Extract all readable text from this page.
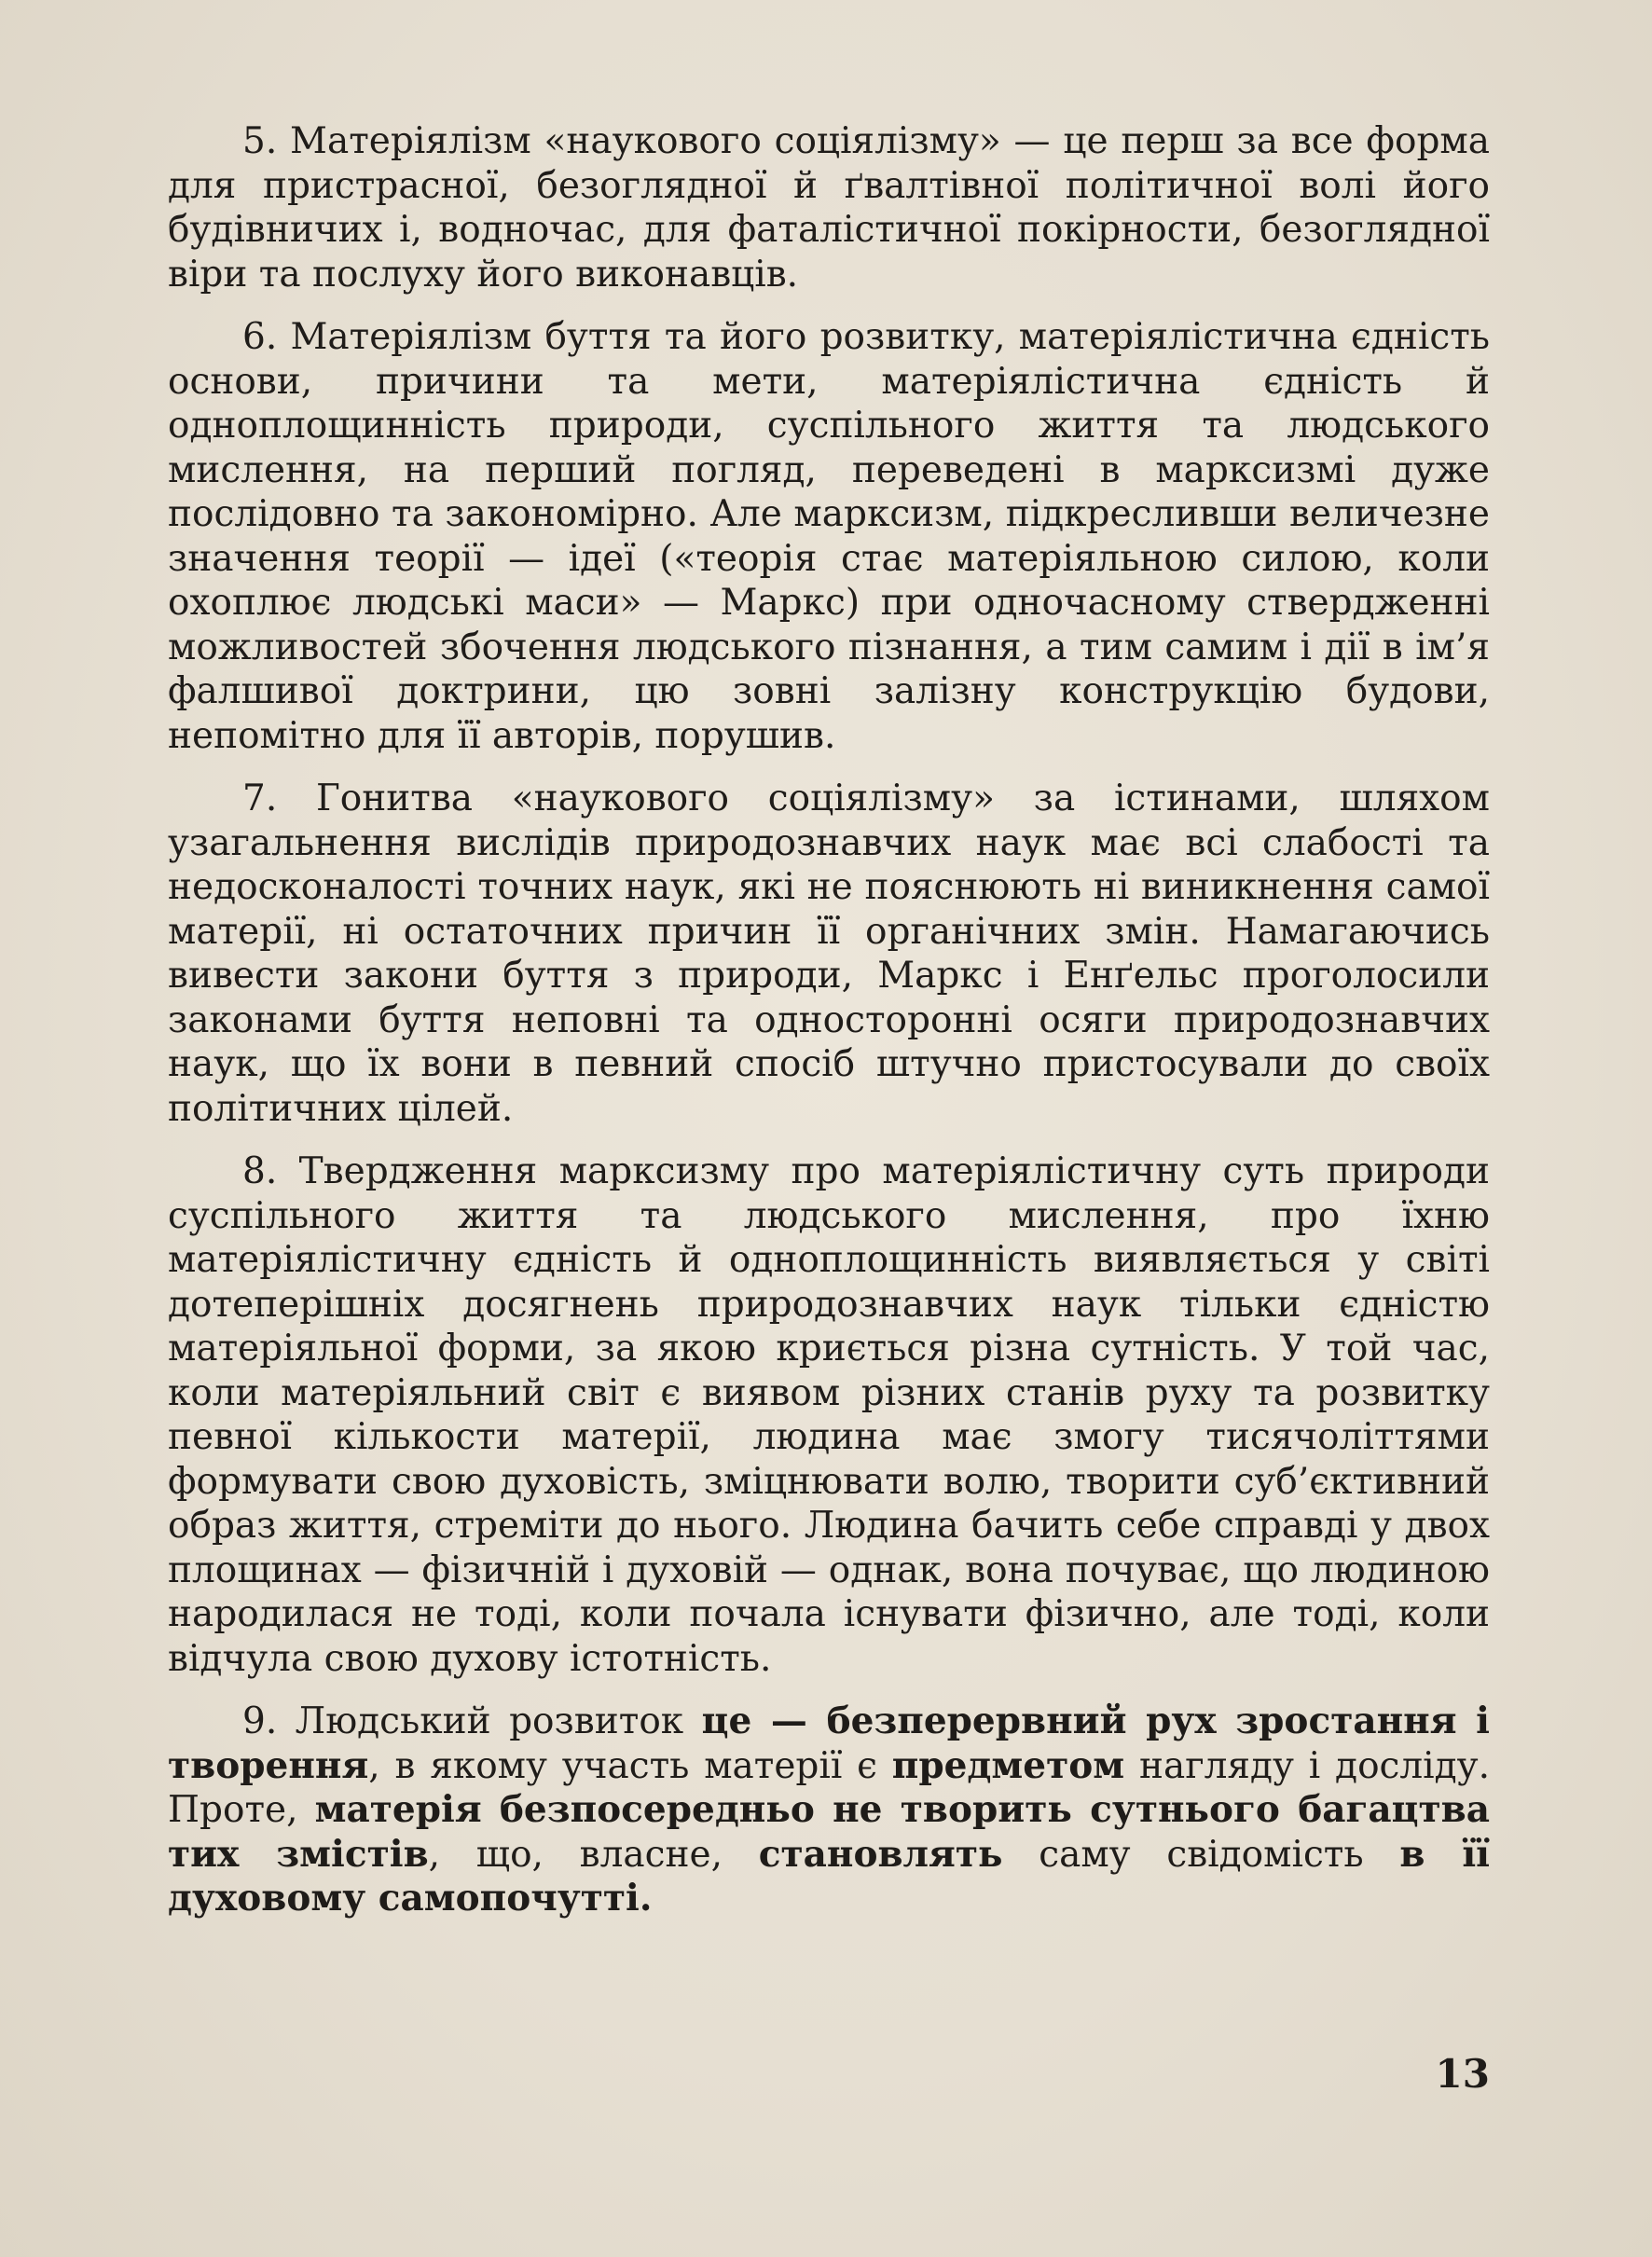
5. Матеріялізм «наукового соціялізму» — це перш за все форма для пристрасної, безоглядної й ґвалтівної політичної волі його будівничих і, водночас, для фаталістичної покірности, безоглядної віри та послуху його виконавців.

6. Матеріялізм буття та його розвитку, матеріялістична єдність основи, причини та мети, матеріялістична єдність й одноплощинність природи, суспільного життя та людського мислення, на перший погляд, переведені в марксизмі дуже послідовно та закономірно. Але марксизм, підкресливши величезне значення теорії — ідеї («теорія стає матеріяльною силою, коли охоплює людські маси» — Маркс) при одночасному ствердженні можливостей збочення людського пізнання, а тим самим і дії в ім’я фалшивої доктрини, цю зовні залізну конструкцію будови, непомітно для її авторів, порушив.

7. Гонитва «наукового соціялізму» за істинами, шляхом узагальнення вислідів природознавчих наук має всі слабості та недосконалості точних наук, які не пояснюють ні виникнення самої матерії, ні остаточних причин її органічних змін. Намагаючись вивести закони буття з природи, Маркс і Енґельс проголосили законами буття неповні та односторонні осяги природознавчих наук, що їх вони в певний спосіб штучно пристосували до своїх політичних цілей.

8. Твердження марксизму про матеріялістичну суть природи суспільного життя та людського мислення, про їхню матеріялістичну єдність й одноплощинність виявляється у світі дотеперішніх досягнень природознавчих наук тільки єдністю матеріяльної форми, за якою криється різна сутність. У той час, коли матеріяльний світ є виявом різних станів руху та розвитку певної кількости матерії, людина має змогу тисячоліттями формувати свою духовість, зміцнювати волю, творити суб’єктивний образ життя, стреміти до нього. Людина бачить себе справді у двох площинах — фізичній і духовій — однак, вона почуває, що людиною народилася не тоді, коли почала існувати фізично, але тоді, коли відчула свою духову істотність.

9. Людський розвиток це — безперервний рух зростання і творення, в якому участь матерії є предметом нагляду і досліду. Проте, матерія безпосередньо не творить сутнього багацтва тих змістів, що, власне, становлять саму свідомість в її духовому самопочутті.

13
